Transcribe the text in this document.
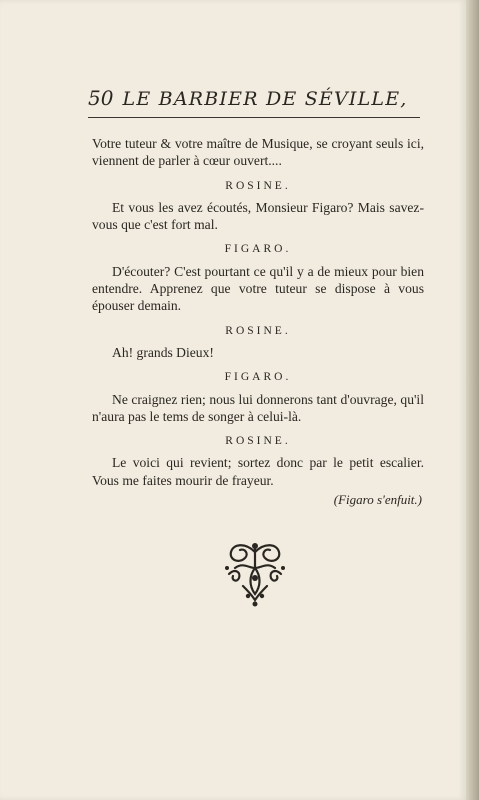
50 LE BARBIER DE SÉVILLE,

Votre tuteur & votre maître de Musique, se croyant seuls ici, viennent de parler à cœur ouvert....

ROSINE.

Et vous les avez écoutés, Monsieur Figaro? Mais savez-vous que c'est fort mal.

FIGARO.

D'écouter? C'est pourtant ce qu'il y a de mieux pour bien entendre. Apprenez que votre tuteur se dispose à vous épouser demain.

ROSINE.

Ah! grands Dieux!

FIGARO.

Ne craignez rien; nous lui donnerons tant d'ouvrage, qu'il n'aura pas le tems de songer à celui-là.

ROSINE.

Le voici qui revient; sortez donc par le petit escalier. Vous me faites mourir de frayeur.

(Figaro s'enfuit.)
